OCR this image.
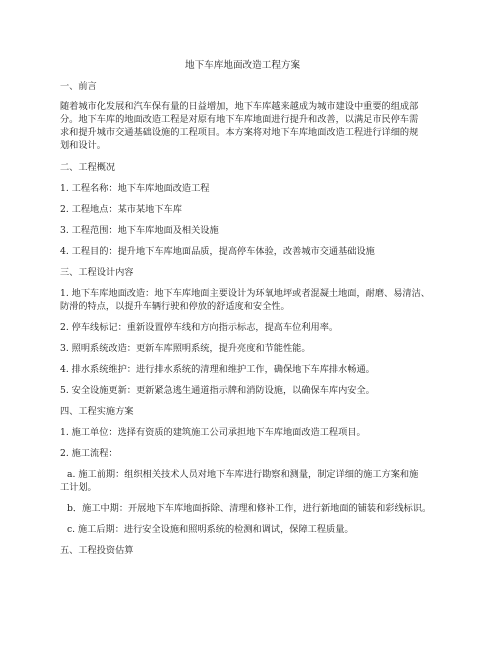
地下车库地面改造工程方案
一、前言
随着城市化发展和汽车保有量的日益增加，地下车库越来越成为城市建设中重要的组成部
分。地下车库的地面改造工程是对原有地下车库地面进行提升和改善，以满足市民停车需
求和提升城市交通基础设施的工程项目。本方案将对地下车库地面改造工程进行详细的规
划和设计。
二、工程概况
1. 工程名称：地下车库地面改造工程
2. 工程地点：某市某地下车库
3. 工程范围：地下车库地面及相关设施
4. 工程目的：提升地下车库地面品质，提高停车体验，改善城市交通基础设施
三、工程设计内容
1. 地下车库地面改造：地下车库地面主要设计为环氧地坪或者混凝土地面，耐磨、易清洁、
防滑的特点，以提升车辆行驶和停放的舒适度和安全性。
2. 停车线标记：重新设置停车线和方向指示标志，提高车位利用率。
3. 照明系统改造：更新车库照明系统，提升亮度和节能性能。
4. 排水系统维护：进行排水系统的清理和维护工作，确保地下车库排水畅通。
5. 安全设施更新：更新紧急逃生通道指示牌和消防设施，以确保车库内安全。
四、工程实施方案
1. 施工单位：选择有资质的建筑施工公司承担地下车库地面改造工程项目。
2. 施工流程：
a. 施工前期：组织相关技术人员对地下车库进行勘察和测量，制定详细的施工方案和施
工计划。
b．施工中期：开展地下车库地面拆除、清理和修补工作，进行新地面的铺装和彩线标识。
c. 施工后期：进行安全设施和照明系统的检测和调试，保障工程质量。
五、工程投资估算
